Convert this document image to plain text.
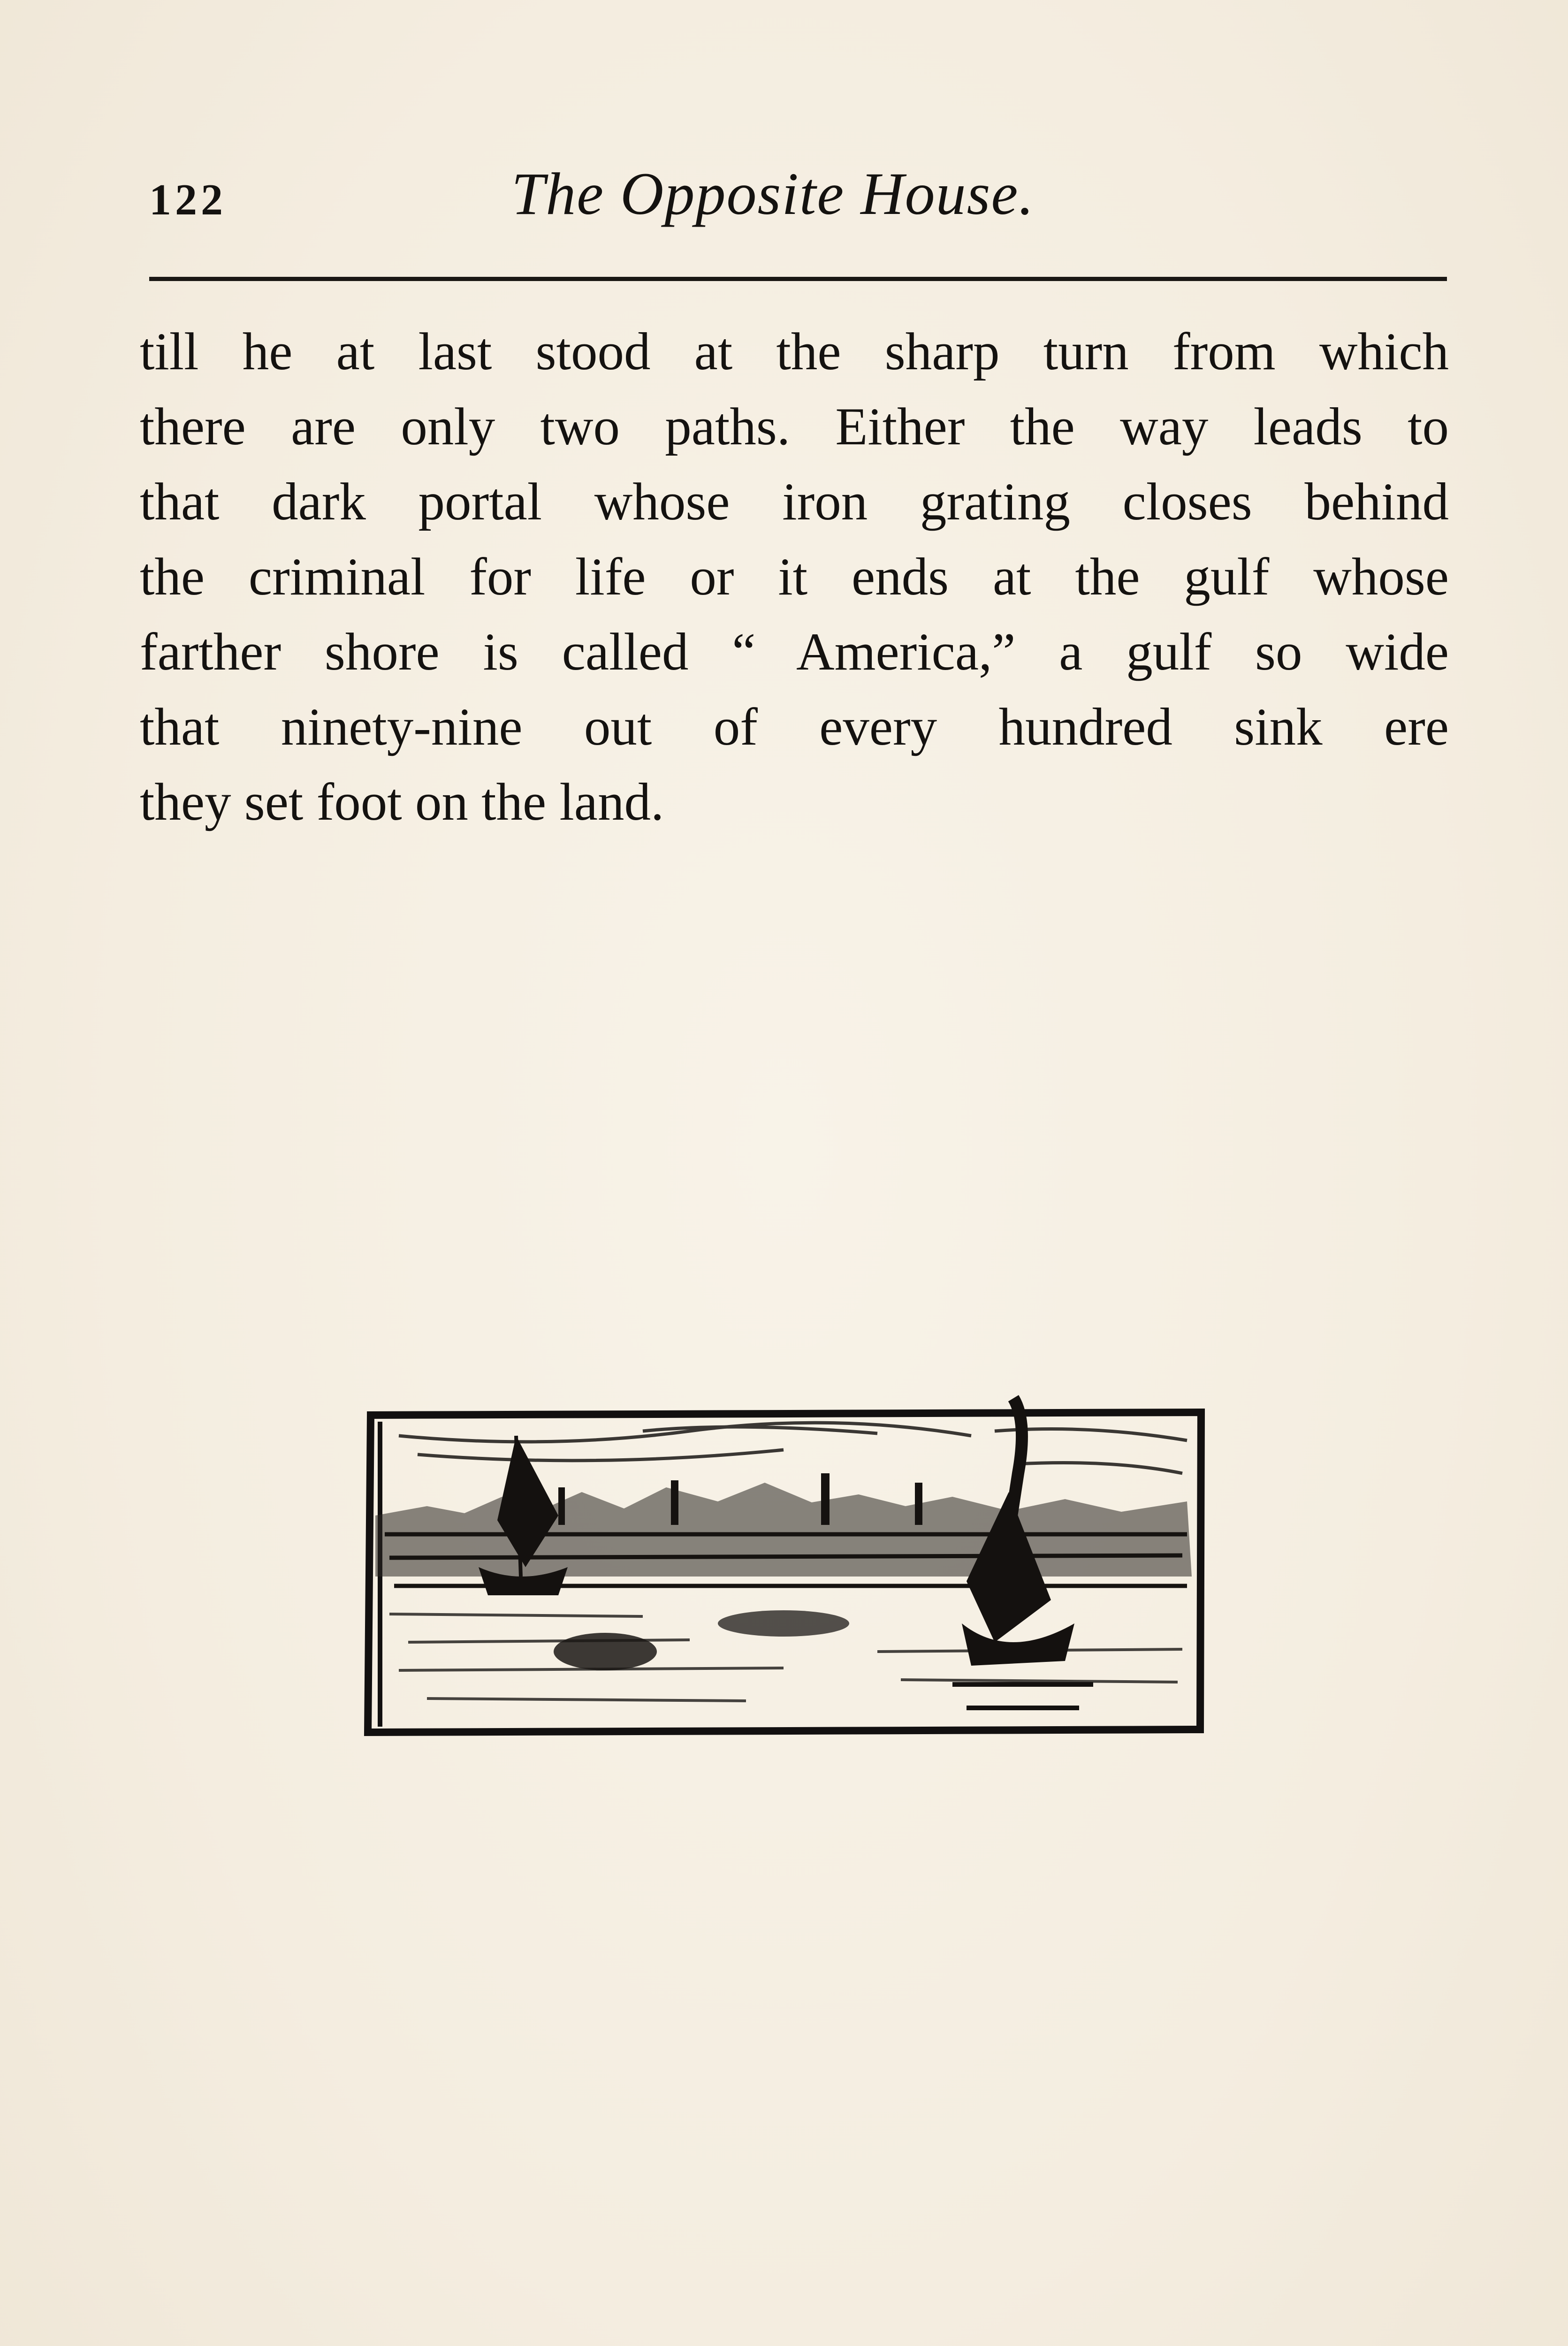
122	The Opposite House.
till he at last stood at the sharp turn from which
there are only two paths. Either the way leads to
that dark portal whose iron grating closes behind
the criminal for life or it ends at the gulf whose
farther shore is called “ America,” a gulf so wide
that ninety-nine out of every hundred sink ere
they set foot on the land.
